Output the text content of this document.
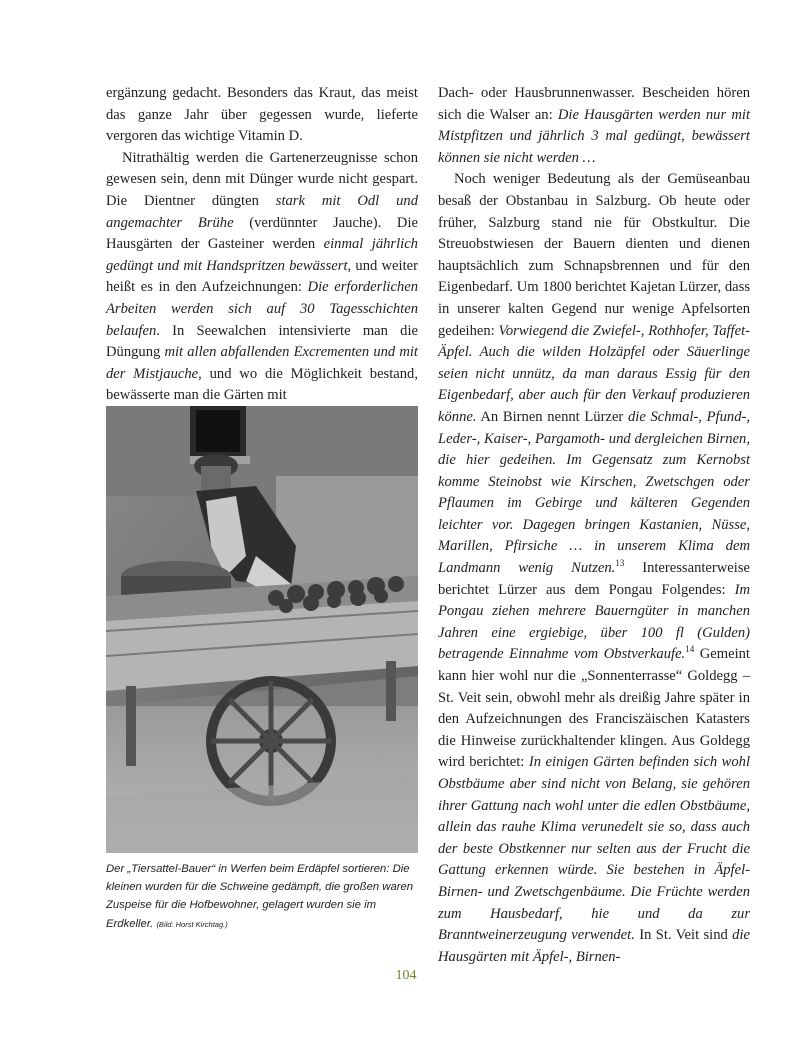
ergänzung gedacht. Besonders das Kraut, das meist das ganze Jahr über gegessen wurde, lieferte vergoren das wichtige Vitamin D.

Nitrathältig werden die Gartenerzeugnisse schon gewesen sein, denn mit Dünger wurde nicht gespart. Die Dientner düngten stark mit Odl und angemachter Brühe (verdünnter Jauche). Die Hausgärten der Gasteiner werden einmal jährlich gedüngt und mit Handspritzen bewässert, und weiter heißt es in den Aufzeichnungen: Die erforderlichen Arbeiten werden sich auf 30 Tagesschichten belaufen. In Seewalchen intensivierte man die Düngung mit allen abfallenden Excrementen und mit der Mistjauche, und wo die Möglichkeit bestand, bewässerte man die Gärten mit

Der „Tiersattel-Bauer“ in Werfen beim Erdäpfel sortieren: Die kleinen wurden für die Schweine gedämpft, die großen waren Zuspeise für die Hofbewohner, gelagert wurden sie im Erdkeller. (Bild: Horst Kirchtag.)

Dach- oder Hausbrunnenwasser. Bescheiden hören sich die Walser an: Die Hausgärten werden nur mit Mistpfitzen und jährlich 3 mal gedüngt, bewässert können sie nicht werden …

Noch weniger Bedeutung als der Gemüseanbau besaß der Obstanbau in Salzburg. Ob heute oder früher, Salzburg stand nie für Obstkultur. Die Streuobstwiesen der Bauern dienten und dienen hauptsächlich zum Schnapsbrennen und für den Eigenbedarf. Um 1800 berichtet Kajetan Lürzer, dass in unserer kalten Gegend nur wenige Apfelsorten gedeihen: Vorwiegend die Zwiefel-, Rothhofer, Taffet-Äpfel. Auch die wilden Holzäpfel oder Säuerlinge seien nicht unnütz, da man daraus Essig für den Eigenbedarf, aber auch für den Verkauf produzieren könne. An Birnen nennt Lürzer die Schmal-, Pfund-, Leder-, Kaiser-, Pargamoth- und dergleichen Birnen, die hier gedeihen. Im Gegensatz zum Kernobst komme Steinobst wie Kirschen, Zwetschgen oder Pflaumen im Gebirge und kälteren Gegenden leichter vor. Dagegen bringen Kastanien, Nüsse, Marillen, Pfirsiche … in unserem Klima dem Landmann wenig Nutzen.$^{13}$ Interessanterweise berichtet Lürzer aus dem Pongau Folgendes: Im Pongau ziehen mehrere Bauerngüter in manchen Jahren eine ergiebige, über 100 fl (Gulden) betragende Einnahme vom Obstverkaufe.$^{14}$ Gemeint kann hier wohl nur die „Sonnenterrasse“ Goldegg – St. Veit sein, obwohl mehr als dreißig Jahre später in den Aufzeichnungen des Franciszäischen Katasters die Hinweise zurückhaltender klingen. Aus Goldegg wird berichtet: In einigen Gärten befinden sich wohl Obstbäume aber sind nicht von Belang, sie gehören ihrer Gattung nach wohl unter die edlen Obstbäume, allein das rauhe Klima verunedelt sie so, dass auch der beste Obstkenner nur selten aus der Frucht die Gattung erkennen würde. Sie bestehen in Äpfel- Birnen- und Zwetschgenbäume. Die Früchte werden zum Hausbedarf, hie und da zur Branntweinerzeugung verwendet. In St. Veit sind die Hausgärten mit Äpfel-, Birnen-

104
